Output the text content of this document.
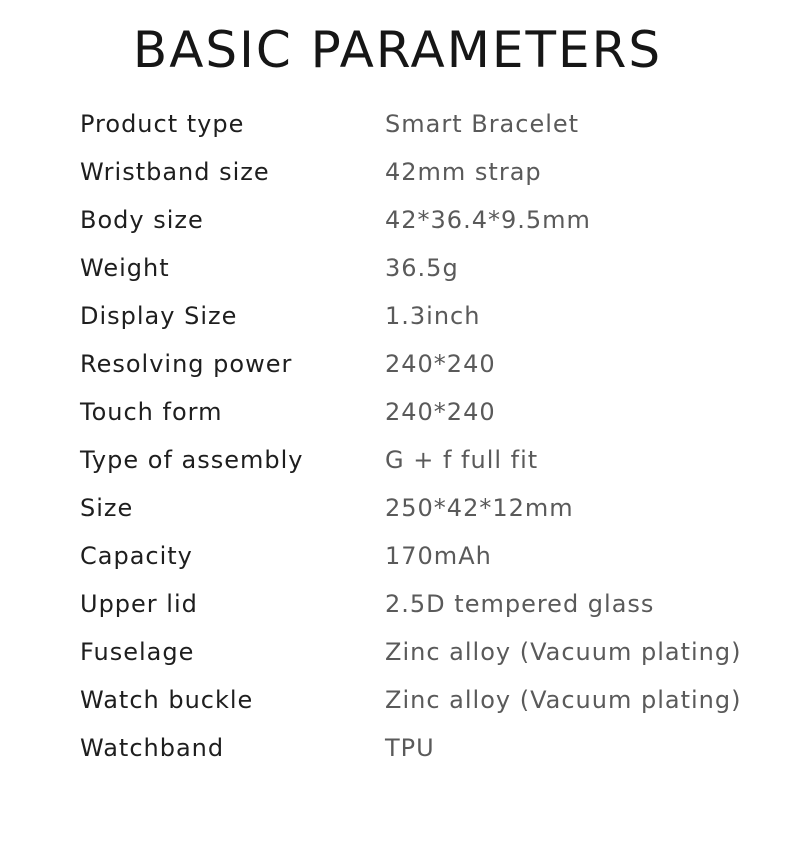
BASIC PARAMETERS
Product type	Smart Bracelet
Wristband size	42mm strap
Body size	42*36.4*9.5mm
Weight	36.5g
Display Size	1.3inch
Resolving power	240*240
Touch form	240*240
Type of assembly	G + f full fit
Size	250*42*12mm
Capacity	170mAh
Upper lid	2.5D tempered glass
Fuselage	Zinc alloy (Vacuum plating)
Watch buckle	Zinc alloy (Vacuum plating)
Watchband	TPU
